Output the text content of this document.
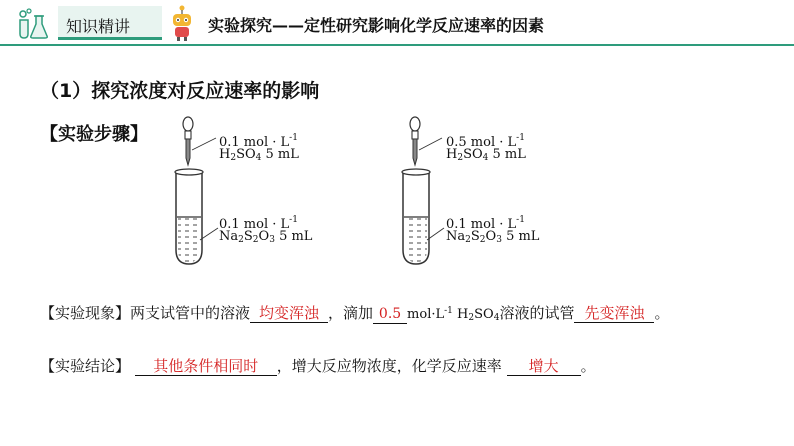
知识精讲	实验探究——定性研究影响化学反应速率的因素
（1）探究浓度对反应速率的影响
【实验步骤】	0.1 mol · $L^{-1}$
$H_2SO_4$ 5 mL
0.1 mol · $L^{-1}$
$Na_2S_2O_3$ 5 mL
0.5 mol · $L^{-1}$
$H_2SO_4$ 5 mL
0.1 mol · $L^{-1}$
$Na_2S_2O_3$ 5 mL
【实验现象】两支试管中的溶液 均变浑浊 ，滴加 0.5 $mol\cdot L^{-1}$ $H_2SO_4$溶液的试管 先变浑浊 。
【实验结论】 其他条件相同时 ，增大反应物浓度，化学反应速率 增大 。
